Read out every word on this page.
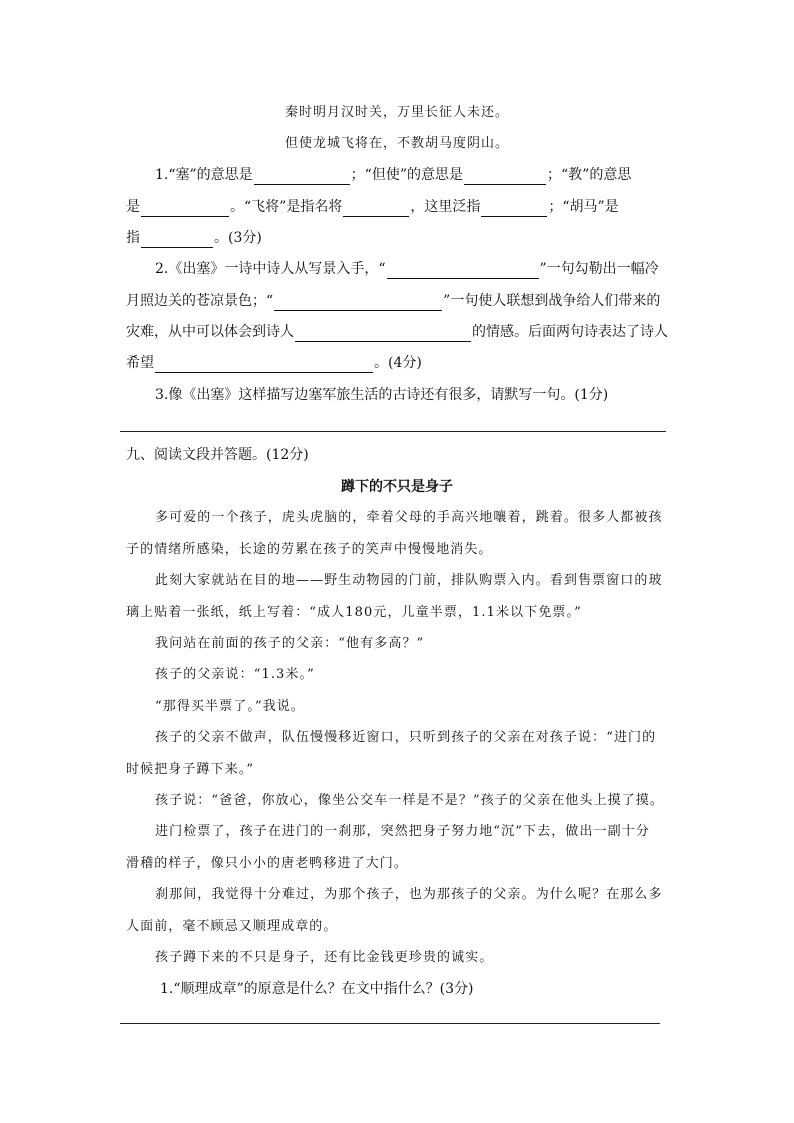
秦时明月汉时关，万里长征人未还。
但使龙城飞将在，不教胡马度阴山。
1.“塞”的意思是	；“但使”的意思是	；“教”的意思
是	。“飞将”是指名将	，这里泛指	；“胡马”是
指	。(3分)
2.《出塞》一诗中诗人从写景入手，“	”一句勾勒出一幅冷
月照边关的苍凉景色；“	”一句使人联想到战争给人们带来的
灾难，从中可以体会到诗人	的情感。后面两句诗表达了诗人
希望	。(4分)
3.像《出塞》这样描写边塞军旅生活的古诗还有很多，请默写一句。(1分)
九、阅读文段并答题。(12分)
蹲下的不只是身子
多可爱的一个孩子，虎头虎脑的，牵着父母的手高兴地嚷着，跳着。很多人都被孩
子的情绪所感染，长途的劳累在孩子的笑声中慢慢地消失。
此刻大家就站在目的地——野生动物园的门前，排队购票入内。看到售票窗口的玻
璃上贴着一张纸，纸上写着：“成人180元，儿童半票，1.1米以下免票。”
我问站在前面的孩子的父亲：“他有多高？”
孩子的父亲说：“1.3米。”
“那得买半票了。”我说。
孩子的父亲不做声，队伍慢慢移近窗口，只听到孩子的父亲在对孩子说：“进门的
时候把身子蹲下来。”
孩子说：“爸爸，你放心，像坐公交车一样是不是？”孩子的父亲在他头上摸了摸。
进门检票了，孩子在进门的一刹那，突然把身子努力地“沉”下去，做出一副十分
滑稽的样子，像只小小的唐老鸭移进了大门。
刹那间，我觉得十分难过，为那个孩子，也为那孩子的父亲。为什么呢？在那么多
人面前，毫不顾忌又顺理成章的。
孩子蹲下来的不只是身子，还有比金钱更珍贵的诚实。
1.“顺理成章”的原意是什么？在文中指什么？(3分)
